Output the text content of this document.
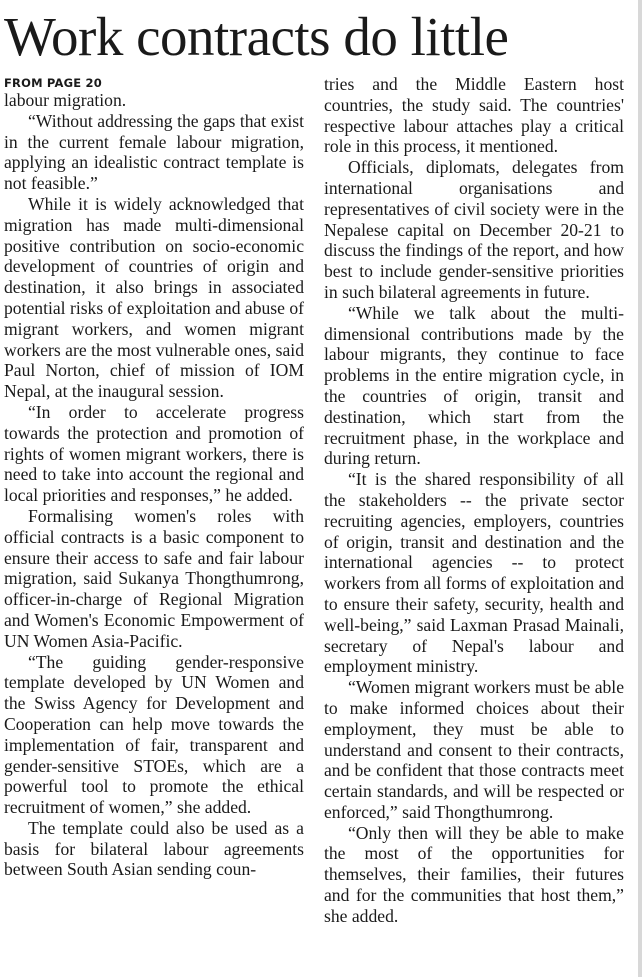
Work contracts do little
FROM PAGE 20

labour migration.

“Without addressing the gaps that exist in the current female labour migration, applying an idealistic contract template is not feasible.”

While it is widely acknowledged that migration has made multi-dimensional positive contribution on socio-economic development of countries of origin and destination, it also brings in associated potential risks of exploitation and abuse of migrant workers, and women migrant workers are the most vulnerable ones, said Paul Norton, chief of mission of IOM Nepal, at the inaugural session.

“In order to accelerate progress towards the protection and promotion of rights of women migrant workers, there is need to take into account the regional and local priorities and responses,” he added.

Formalising women's roles with official contracts is a basic component to ensure their access to safe and fair labour migration, said Sukanya Thongthumrong, officer-in-charge of Regional Migration and Women's Economic Empowerment of UN Women Asia-Pacific.

“The guiding gender-responsive template developed by UN Women and the Swiss Agency for Development and Cooperation can help move towards the implementation of fair, transparent and gender-sensitive STOEs, which are a powerful tool to promote the ethical recruitment of women,” she added.

The template could also be used as a basis for bilateral labour agreements between South Asian sending coun-

tries and the Middle Eastern host countries, the study said. The countries' respective labour attaches play a critical role in this process, it mentioned.

Officials, diplomats, delegates from international organisations and representatives of civil society were in the Nepalese capital on December 20-21 to discuss the findings of the report, and how best to include gender-sensitive priorities in such bilateral agreements in future.

“While we talk about the multi-dimensional contributions made by the labour migrants, they continue to face problems in the entire migration cycle, in the countries of origin, transit and destination, which start from the recruitment phase, in the workplace and during return.

“It is the shared responsibility of all the stakeholders -- the private sector recruiting agencies, employers, countries of origin, transit and destination and the international agencies -- to protect workers from all forms of exploitation and to ensure their safety, security, health and well-being,” said Laxman Prasad Mainali, secretary of Nepal's labour and employment ministry.

“Women migrant workers must be able to make informed choices about their employment, they must be able to understand and consent to their contracts, and be confident that those contracts meet certain standards, and will be respected or enforced,” said Thongthumrong.

“Only then will they be able to make the most of the opportunities for themselves, their families, their futures and for the communities that host them,” she added.
